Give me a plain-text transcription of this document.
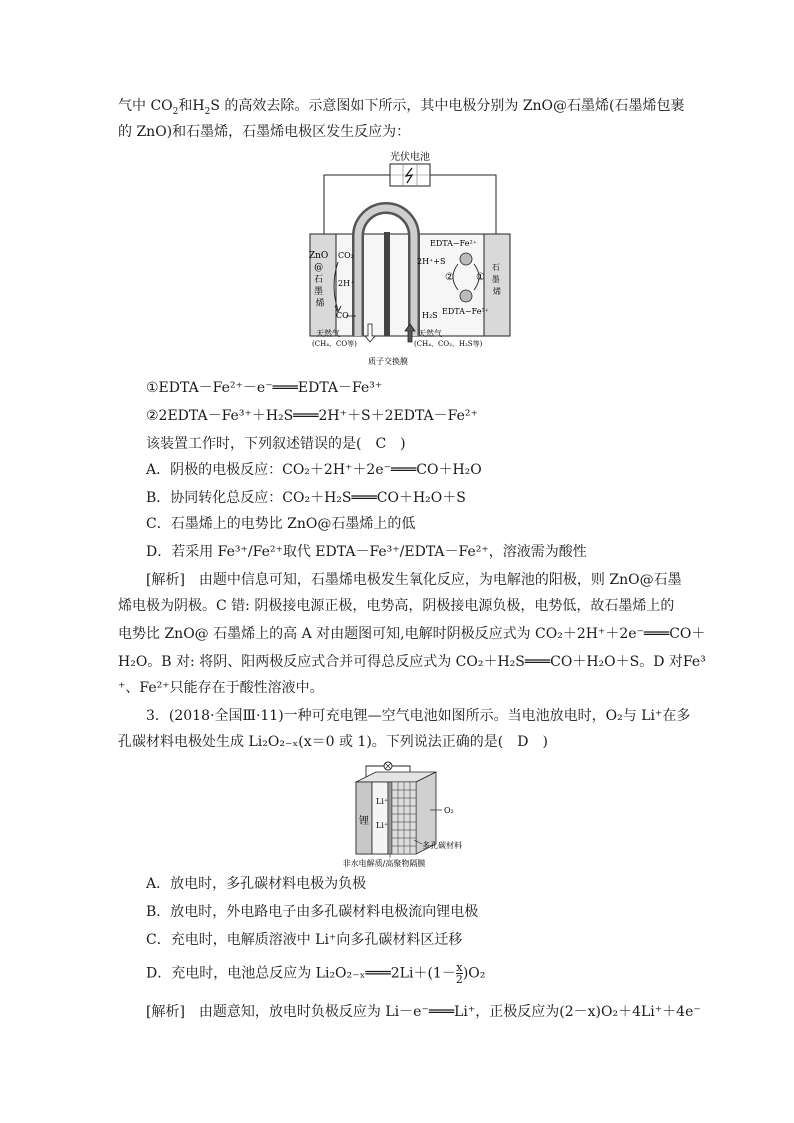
气中 $CO_2$和$H_2S$ 的高效去除。示意图如下所示，其中电极分别为 ZnO@石墨烯(石墨烯包裹
的 ZnO)和石墨烯，石墨烯电极区发生反应为：
光伏电池
ZnO @ 石 墨 烯
CO₂
2H⁺
CO
EDTA−Fe²⁺
2H⁺+S
② ①
石 墨 烯
H₂S EDTA−Fe³⁺
天然气
(CH₄、CO等)
天然气
(CH₄、CO₂、H₂S等)
质子交换膜
①EDTA－Fe²⁺－e⁻═══EDTA－Fe³⁺
②2EDTA－Fe³⁺＋H₂S═══2H⁺＋S＋2EDTA－Fe²⁺
该装置工作时，下列叙述错误的是(　C　)
A．阴极的电极反应：CO₂＋2H⁺＋2e⁻═══CO＋H₂O
B．协同转化总反应：CO₂＋H₂S═══CO＋H₂O＋S
C．石墨烯上的电势比 ZnO@石墨烯上的低
D．若采用 Fe³⁺/Fe²⁺取代 EDTA－Fe³⁺/EDTA－Fe²⁺，溶液需为酸性
[解析]　由题中信息可知，石墨烯电极发生氧化反应，为电解池的阳极，则 ZnO@石墨
烯电极为阴极。C 错: 阴极接电源正极，电势高，阴极接电源负极，电势低，故石墨烯上的
电势比 ZnO@ 石墨烯上的高 A 对由题图可知,电解时阴极反应式为 CO₂＋2H⁺＋2e⁻═══CO＋
H₂O。B 对: 将阴、阳两极反应式合并可得总反应式为 CO₂＋H₂S═══CO＋H₂O＋S。D 对Fe³
⁺、Fe²⁺只能存在于酸性溶液中。
3．(2018·全国Ⅲ·11)一种可充电锂—空气电池如图所示。当电池放电时，O₂与 Li⁺在多
孔碳材料电极处生成 Li₂O₂₋ₓ(x＝0 或 1)。下列说法正确的是(　D　)
锂
Li⁺
Li⁺
O₂
多孔碳材料
非水电解质/高聚物隔膜
A．放电时，多孔碳材料电极为负极
B．放电时，外电路电子由多孔碳材料电极流向锂电极
C．充电时，电解质溶液中 Li⁺向多孔碳材料区迁移
D．充电时，电池总反应为 Li₂O₂₋ₓ═══2Li＋(1－ $\frac{x}{2} )O_2$
[解析]　由题意知，放电时负极反应为 Li－e⁻═══Li⁺，正极反应为(2－x)O₂＋4Li⁺＋4e⁻
